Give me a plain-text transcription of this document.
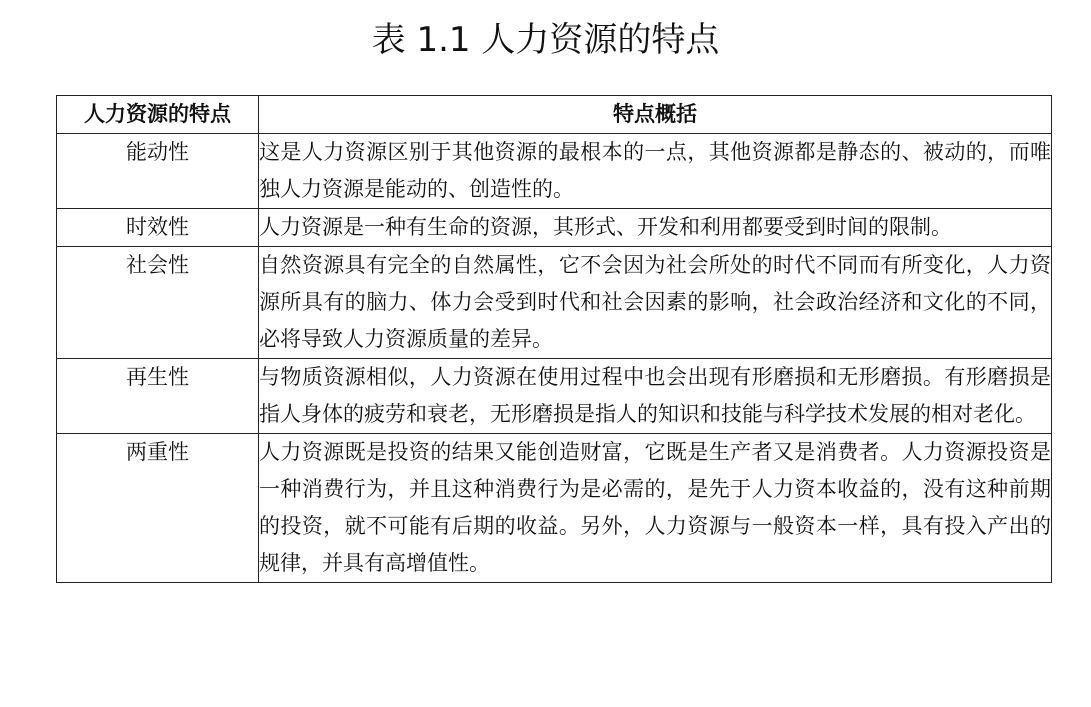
表 1.1 人力资源的特点
人力资源的特点	特点概括
能动性	这是人力资源区别于其他资源的最根本的一点，其他资源都是静态的、被动的，而唯独人力资源是能动的、创造性的。
时效性	人力资源是一种有生命的资源，其形式、开发和利用都要受到时间的限制。
社会性	自然资源具有完全的自然属性，它不会因为社会所处的时代不同而有所变化，人力资源所具有的脑力、体力会受到时代和社会因素的影响，社会政治经济和文化的不同，必将导致人力资源质量的差异。
再生性	与物质资源相似，人力资源在使用过程中也会出现有形磨损和无形磨损。有形磨损是指人身体的疲劳和衰老，无形磨损是指人的知识和技能与科学技术发展的相对老化。
两重性	人力资源既是投资的结果又能创造财富，它既是生产者又是消费者。人力资源投资是一种消费行为，并且这种消费行为是必需的，是先于人力资本收益的，没有这种前期的投资，就不可能有后期的收益。另外，人力资源与一般资本一样，具有投入产出的规律，并具有高增值性。
